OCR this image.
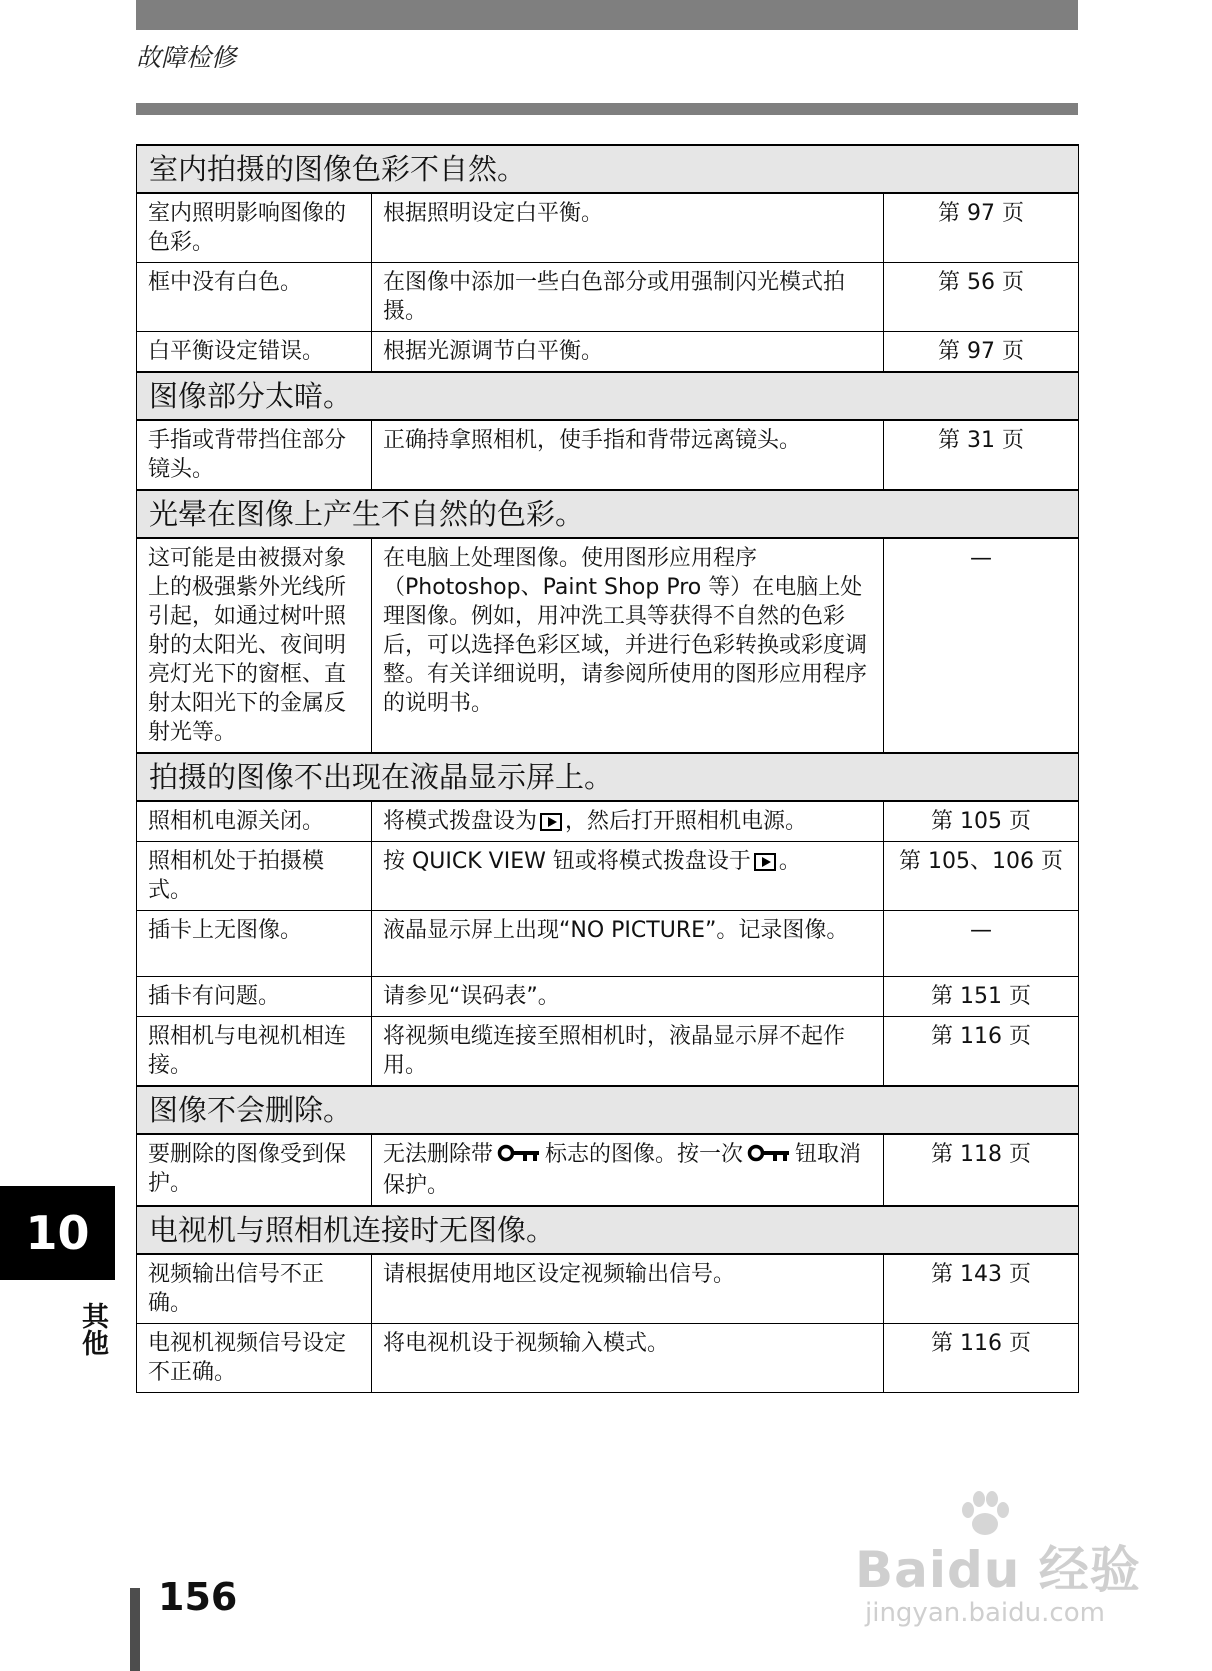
故障检修
室内拍摄的图像色彩不自然。		
室内照明影响图像的色彩。	根据照明设定白平衡。	第 97 页
框中没有白色。	在图像中添加一些白色部分或用强制闪光模式拍摄。	第 56 页
白平衡设定错误。	根据光源调节白平衡。	第 97 页
图像部分太暗。		
手指或背带挡住部分镜头。	正确持拿照相机，使手指和背带远离镜头。	第 31 页
光晕在图像上产生不自然的色彩。		
这可能是由被摄对象上的极强紫外光线所引起，如通过树叶照射的太阳光、夜间明亮灯光下的窗框、直射太阳光下的金属反射光等。	在电脑上处理图像。使用图形应用程序（Photoshop、Paint Shop Pro 等）在电脑上处理图像。例如，用冲洗工具等获得不自然的色彩后，可以选择色彩区域，并进行色彩转换或彩度调整。有关详细说明，请参阅所使用的图形应用程序的说明书。	—
拍摄的图像不出现在液晶显示屏上。		
照相机电源关闭。	将模式拨盘设为 ，然后打开照相机电源。	第 105 页
照相机处于拍摄模式。	按 QUICK VIEW 钮或将模式拨盘设于 。	第 105、106 页
插卡上无图像。	液晶显示屏上出现“NO PICTURE”。记录图像。	—
插卡有问题。	请参见“误码表”。	第 151 页
照相机与电视机相连接。	将视频电缆连接至照相机时，液晶显示屏不起作用。	第 116 页
图像不会删除。		
要删除的图像受到保护。	无法删除带 标志的图像。按一次 钮取消保护。	第 118 页
电视机与照相机连接时无图像。		
视频输出信号不正确。	请根据使用地区设定视频输出信号。	第 143 页
电视机视频信号设定不正确。	将电视机设于视频输入模式。	第 116 页
10
其他
156	Baidu 经验
jingyan.baidu.com
